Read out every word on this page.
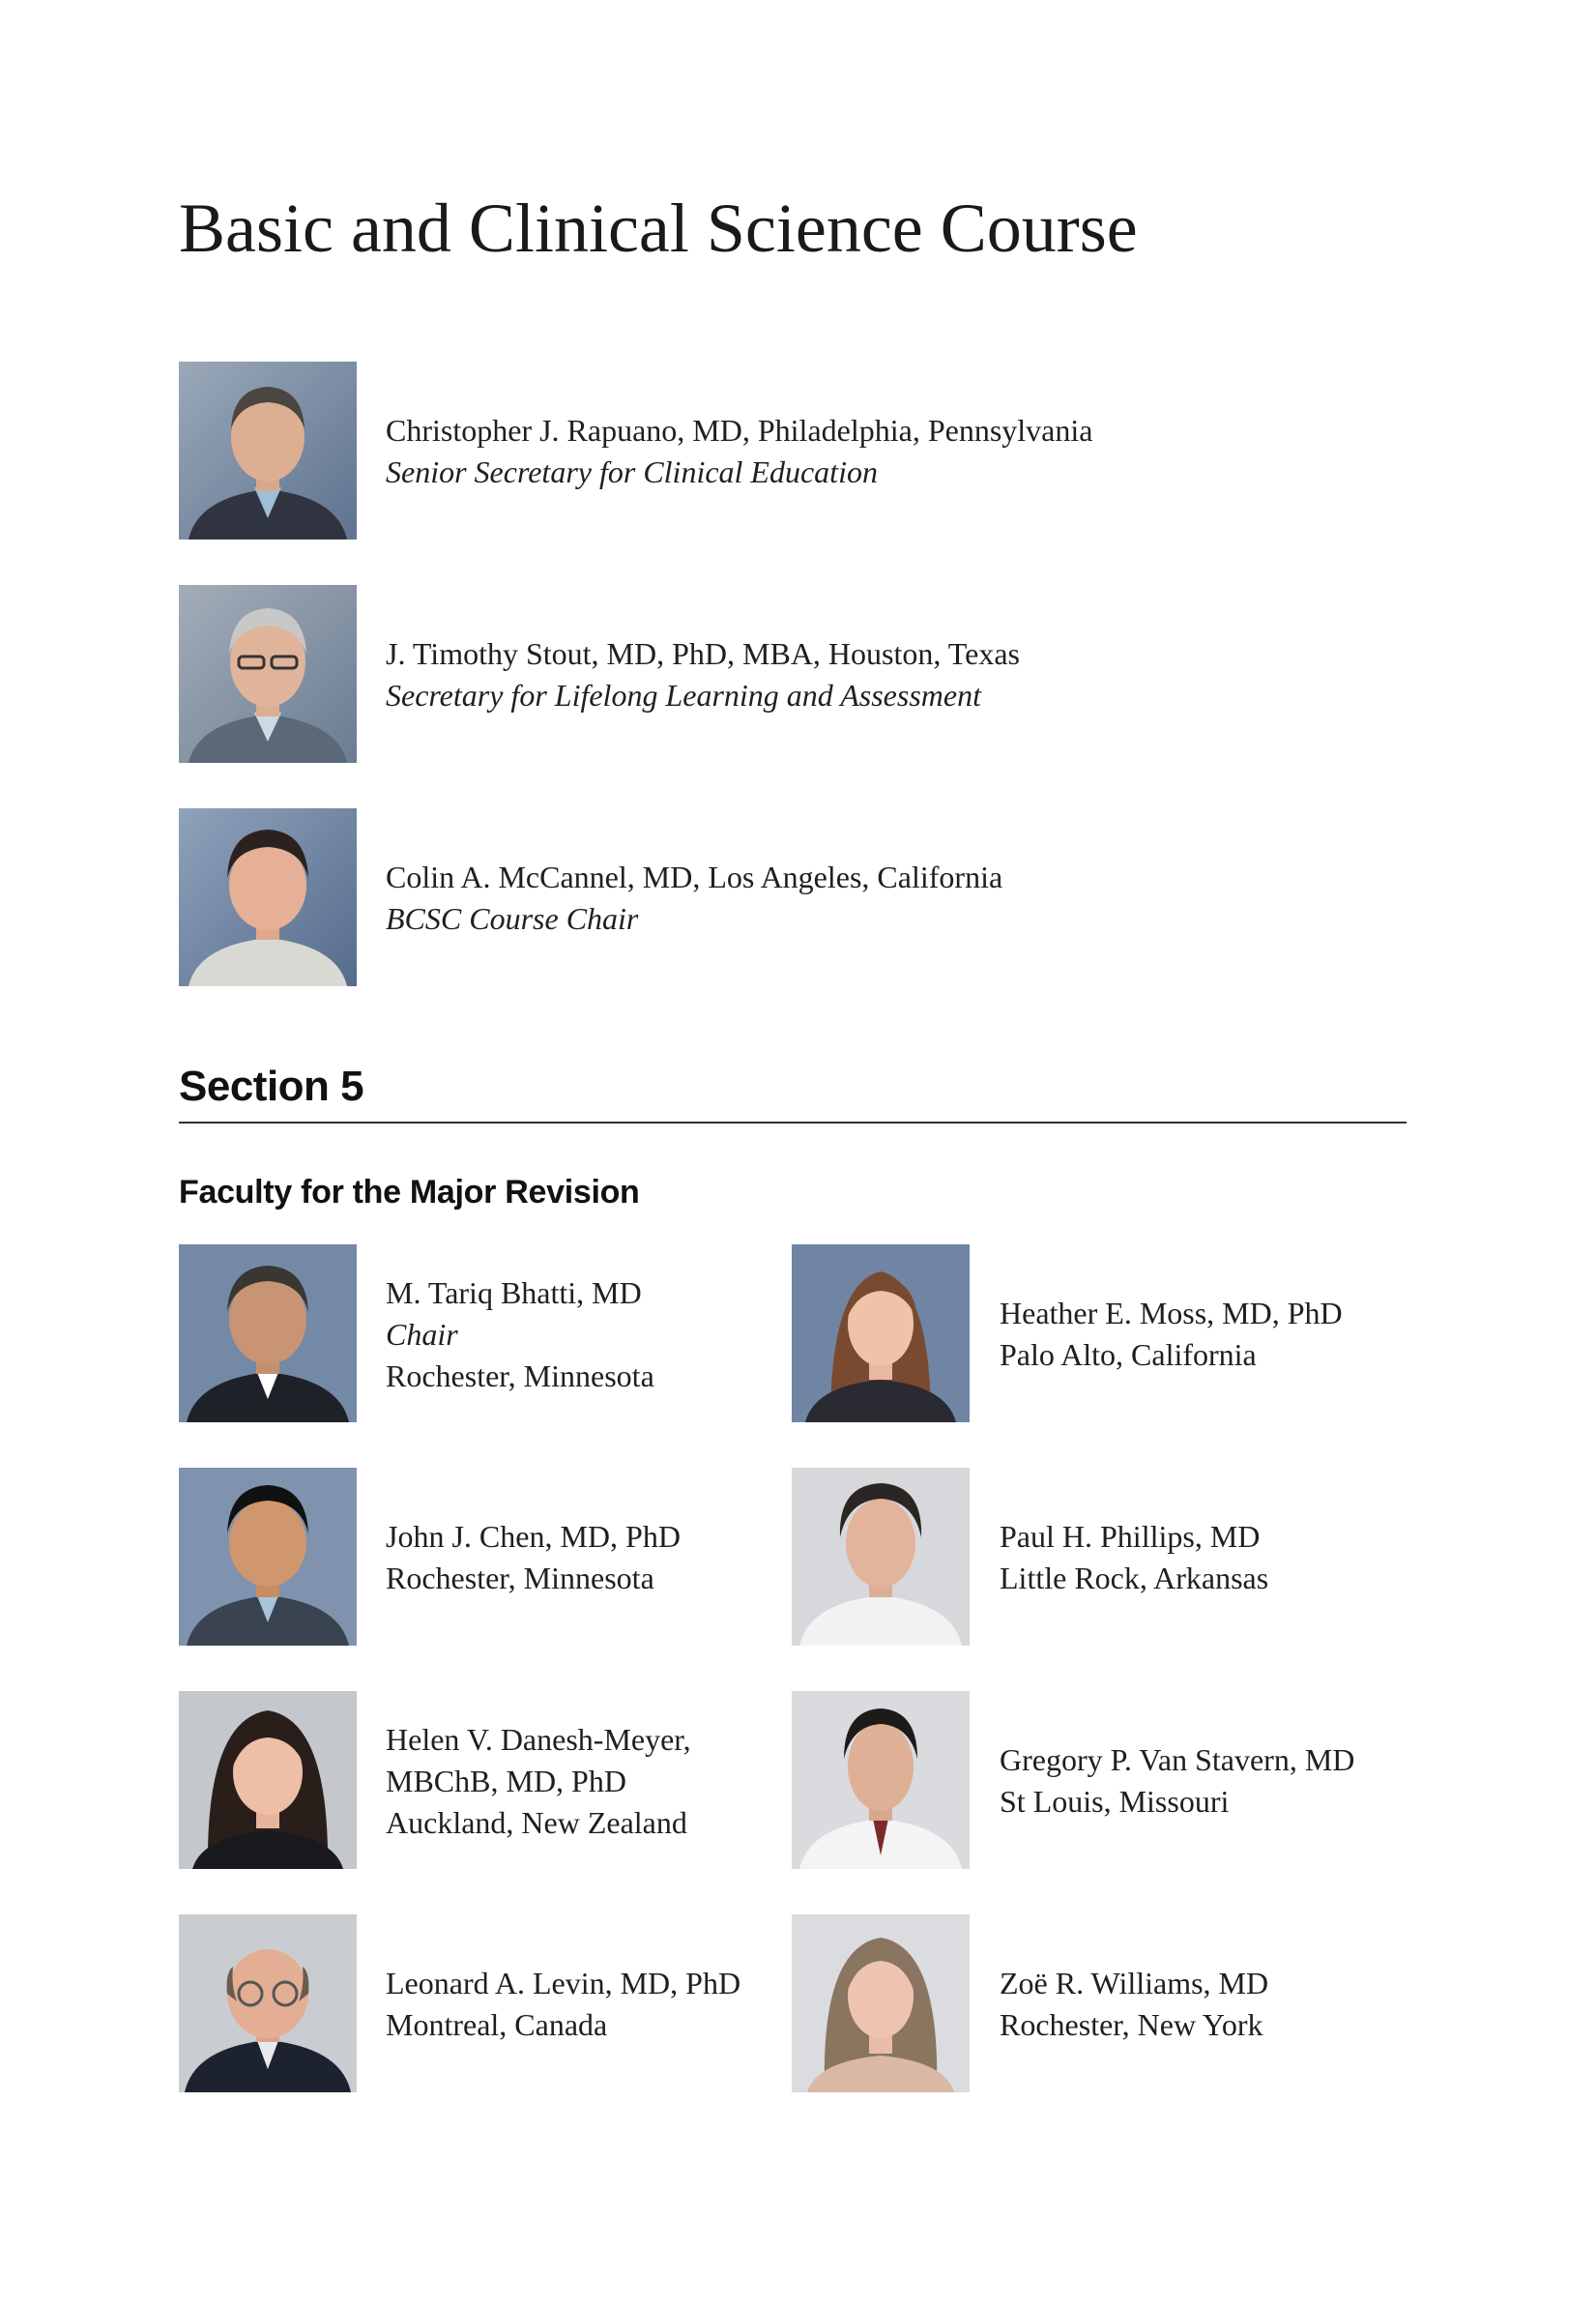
Basic and Clinical Science Course
Christopher J. Rapuano, MD, Philadelphia, Pennsylvania
Senior Secretary for Clinical Education
J. Timothy Stout, MD, PhD, MBA, Houston, Texas
Secretary for Lifelong Learning and Assessment
Colin A. McCannel, MD, Los Angeles, California
BCSC Course Chair
Section 5
Faculty for the Major Revision
M. Tariq Bhatti, MD
Chair
Rochester, Minnesota
Heather E. Moss, MD, PhD
Palo Alto, California
John J. Chen, MD, PhD
Rochester, Minnesota
Paul H. Phillips, MD
Little Rock, Arkansas
Helen V. Danesh-Meyer,
MBChB, MD, PhD
Auckland, New Zealand
Gregory P. Van Stavern, MD
St Louis, Missouri
Leonard A. Levin, MD, PhD
Montreal, Canada
Zoë R. Williams, MD
Rochester, New York
